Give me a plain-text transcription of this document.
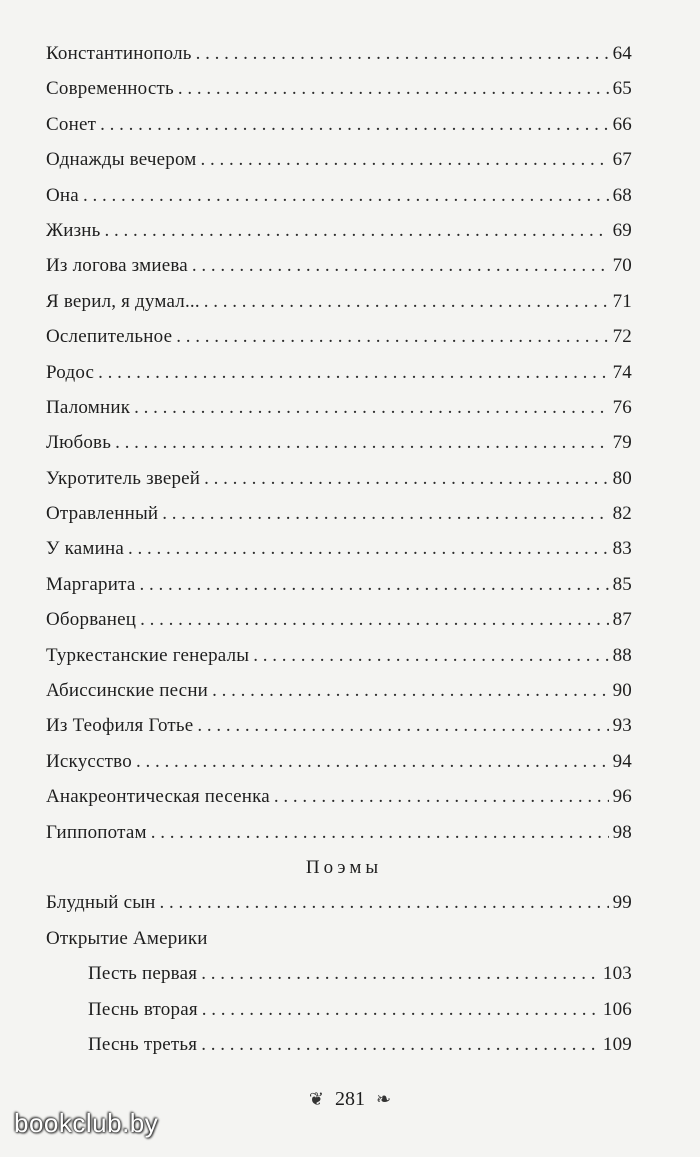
Константинополь . . .	64
Современность . . .	65
Сонет . . .	66
Однажды вечером . . .	67
Она . . .	68
Жизнь . . .	69
Из логова змиева . . .	70
Я верил, я думал... . . .	71
Ослепительное . . .	72
Родос . . .	74
Паломник . . .	76
Любовь . . .	79
Укротитель зверей . . .	80
Отравленный . . .	82
У камина . . .	83
Маргарита . . .	85
Оборванец . . .	87
Туркестанские генералы . . .	88
Абиссинские песни . . .	90
Из Теофиля Готье . . .	93
Искусство . . .	94
Анакреонтическая песенка . . .	96
Гиппопотам . . .	98
Поэмы
Блудный сын . . .	99
Открытие Америки
Песть первая . . .	103
Песнь вторая . . .	106
Песнь третья . . .	109
❦ 281 ❧
bookclub.by
